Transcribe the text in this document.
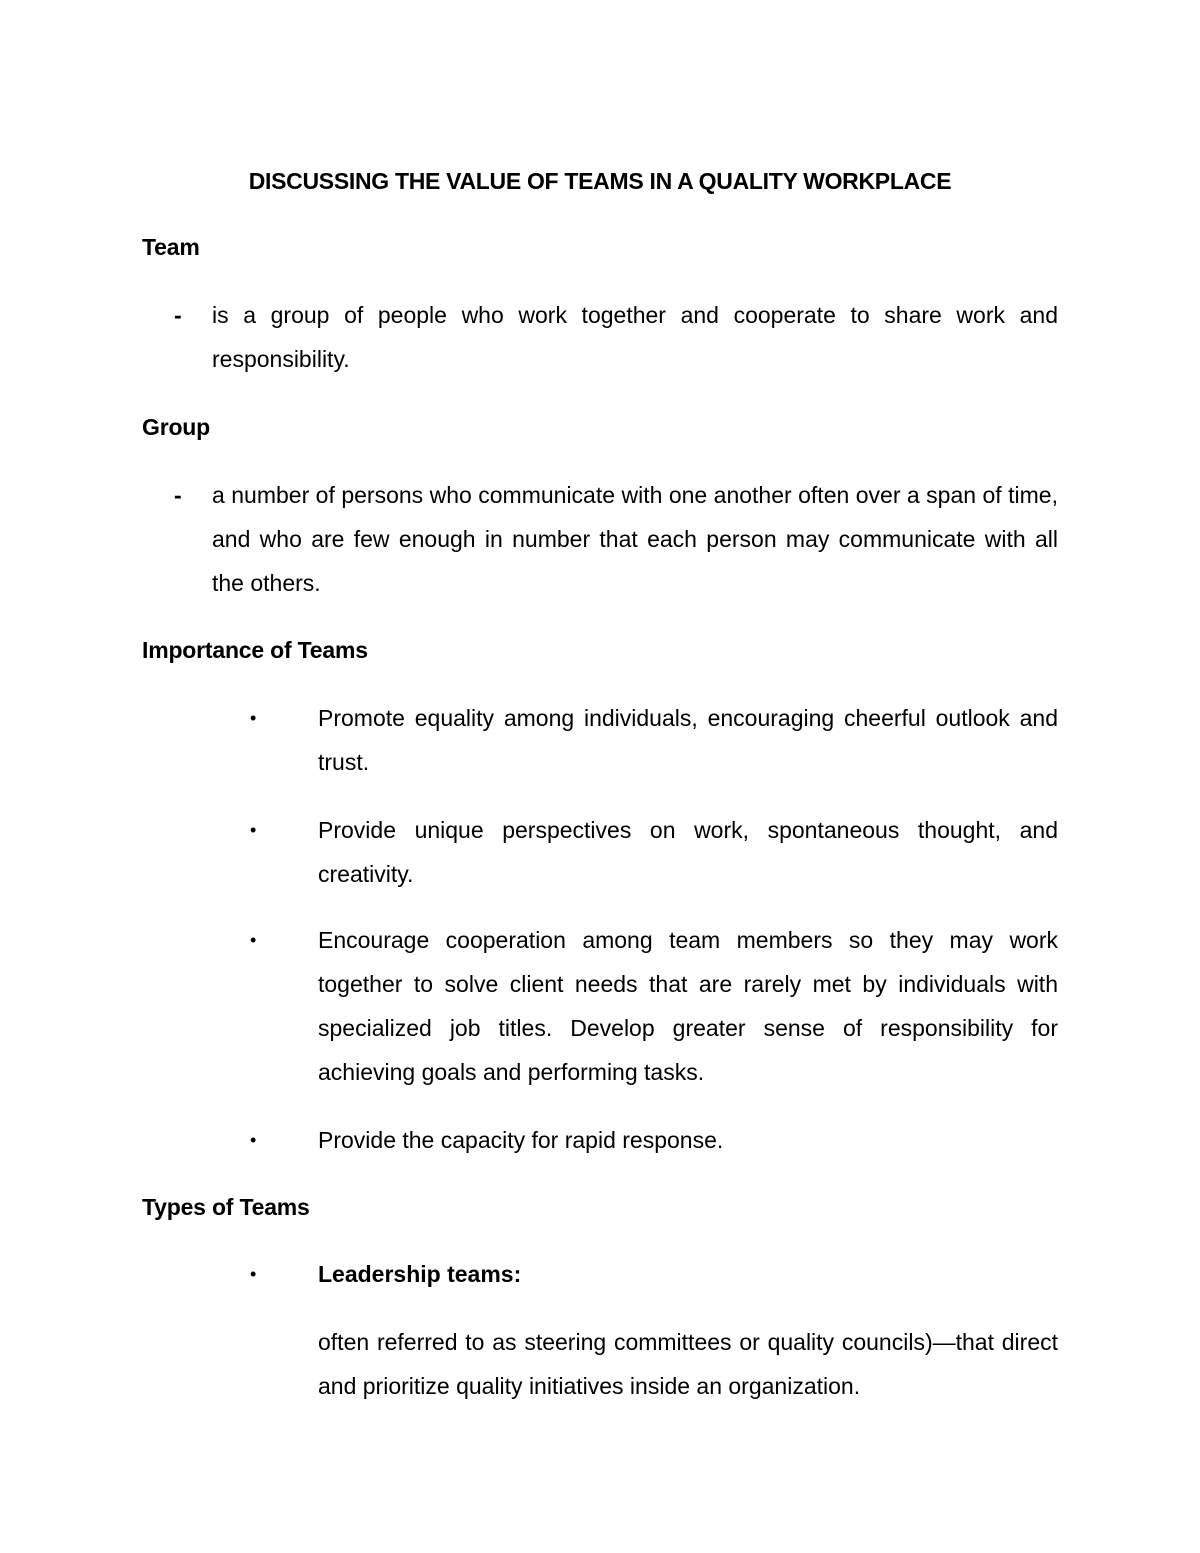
DISCUSSING THE VALUE OF TEAMS IN A QUALITY WORKPLACE
Team
- is a group of people who work together and cooperate to share work and responsibility.
Group
- a number of persons who communicate with one another often over a span of time, and who are few enough in number that each person may communicate with all the others.
Importance of Teams
•	Promote equality among individuals, encouraging cheerful outlook and trust.
•	Provide unique perspectives on work, spontaneous thought, and creativity.
•	Encourage cooperation among team members so they may work together to solve client needs that are rarely met by individuals with specialized job titles. Develop greater sense of responsibility for achieving goals and performing tasks.
•	Provide the capacity for rapid response.
Types of Teams
•	Leadership teams:
often referred to as steering committees or quality councils)—that direct and prioritize quality initiatives inside an organization.
